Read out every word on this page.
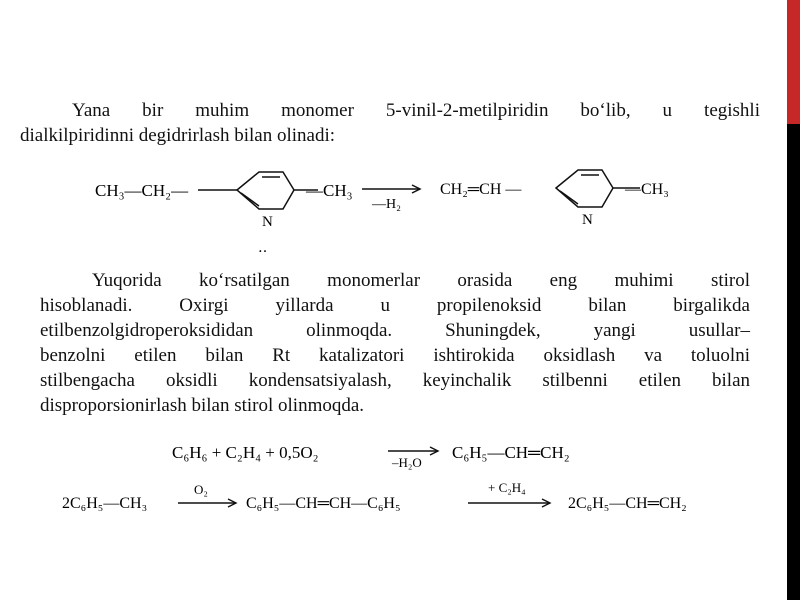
Yana bir muhim monomer 5-vinil-2-metilpiridin bo‘lib, u tegishli
dialkilpiridinni degidrirlash bilan olinadi:
CH₃—CH₂—	—CH₃
N
—H₂
CH₂═CH —	—CH₃
N
‥
Yuqorida ko‘rsatilgan monomerlar orasida eng muhimi stirol
hisoblanadi. Oxirgi yillarda u propilenoksid bilan birgalikda
etilbenzolgidroperoksididan olinmoqda. Shuningdek, yangi usullar–
benzolni etilen bilan Rt katalizatori ishtirokida oksidlash va toluolni
stilbengacha oksidli kondensatsiyalash, keyinchalik stilbenni etilen bilan
disproporsionirlash bilan stirol olinmoqda.
C₆H₆ + C₂H₄ + 0,5O₂
–H₂O
C₆H₅—CH═CH₂
2C₆H₅—CH₃
O₂
C₆H₅—CH═CH—C₆H₅
+ C₂H₄
2C₆H₅—CH═CH₂
